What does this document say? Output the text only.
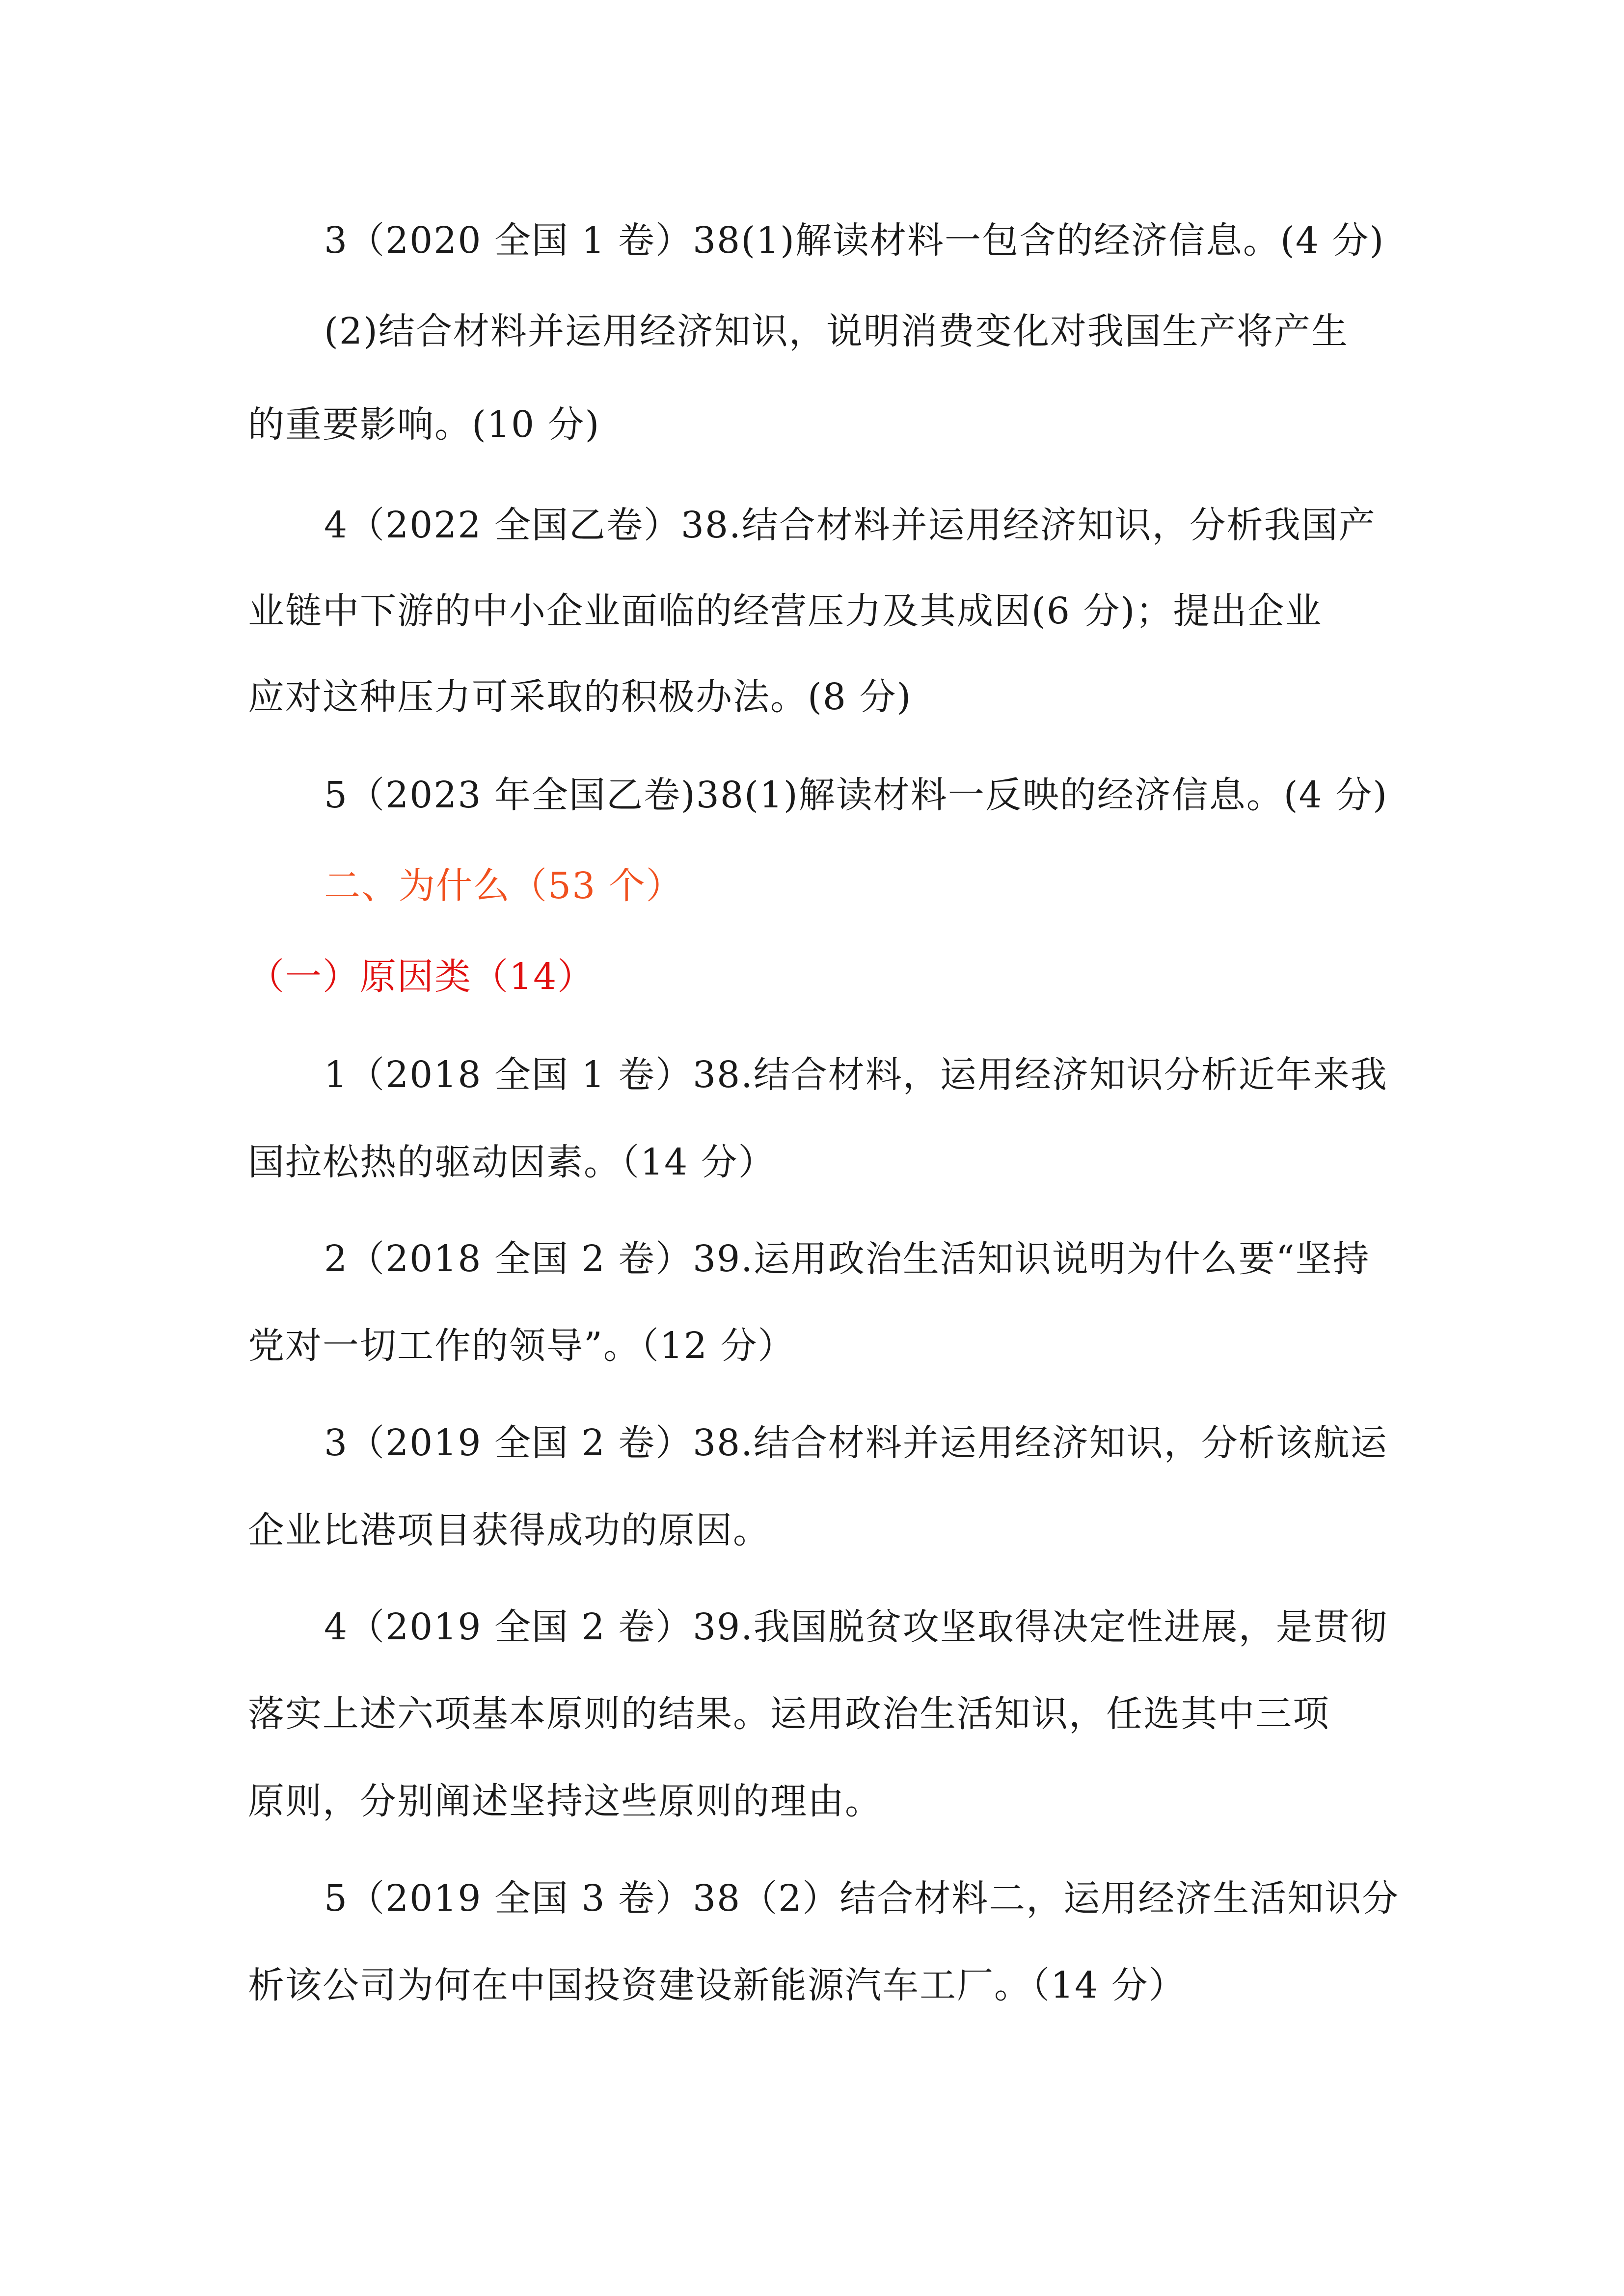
3（2020 全国 1 卷）38(1)解读材料一包含的经济信息。(4 分)
(2)结合材料并运用经济知识，说明消费变化对我国生产将产生
的重要影响。(10 分)
4（2022 全国乙卷）38.结合材料并运用经济知识，分析我国产
业链中下游的中小企业面临的经营压力及其成因(6 分)；提出企业
应对这种压力可采取的积极办法。(8 分)
5（2023 年全国乙卷)38(1)解读材料一反映的经济信息。(4 分)
二、为什么（53 个）
（一）原因类（14）
1（2018 全国 1 卷）38.结合材料，运用经济知识分析近年来我
国拉松热的驱动因素。（14 分）
2（2018 全国 2 卷）39.运用政治生活知识说明为什么要“坚持
党对一切工作的领导”。（12 分）
3（2019 全国 2 卷）38.结合材料并运用经济知识，分析该航运
企业比港项目获得成功的原因。
4（2019 全国 2 卷）39.我国脱贫攻坚取得决定性进展，是贯彻
落实上述六项基本原则的结果。运用政治生活知识，任选其中三项
原则，分别阐述坚持这些原则的理由。
5（2019 全国 3 卷）38（2）结合材料二，运用经济生活知识分
析该公司为何在中国投资建设新能源汽车工厂。（14 分）
